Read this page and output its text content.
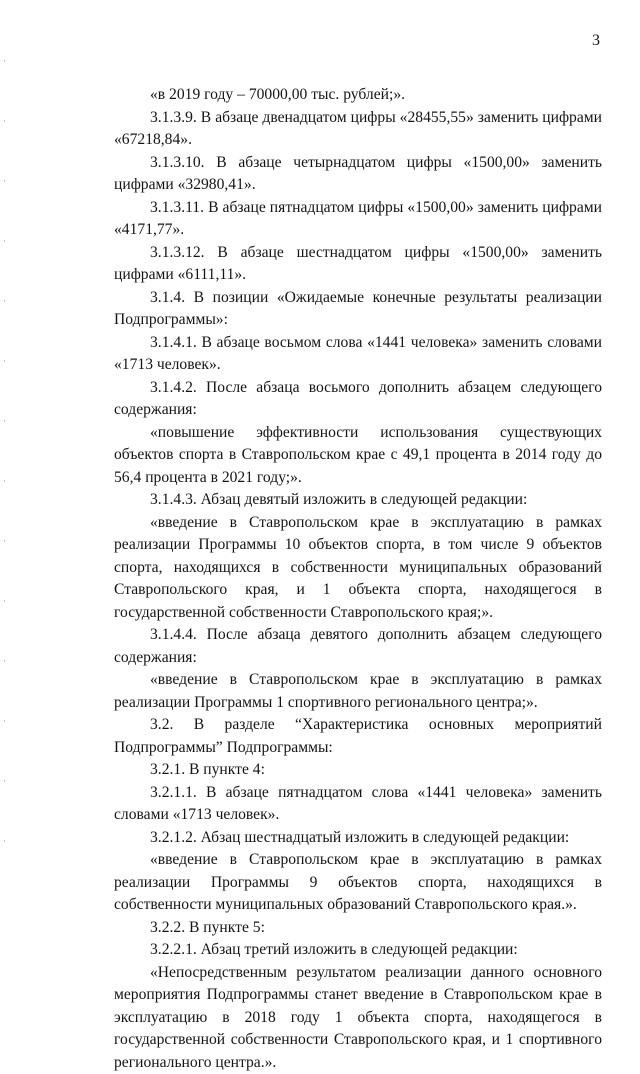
3

«в 2019 году – 70000,00 тыс. рублей;».

3.1.3.9. В абзаце двенадцатом цифры «28455,55» заменить цифрами «67218,84».

3.1.3.10. В абзаце четырнадцатом цифры «1500,00» заменить цифрами «32980,41».

3.1.3.11. В абзаце пятнадцатом цифры «1500,00» заменить цифрами «4171,77».

3.1.3.12. В абзаце шестнадцатом цифры «1500,00» заменить цифрами «6111,11».

3.1.4. В позиции «Ожидаемые конечные результаты реализации Подпрограммы»:

3.1.4.1. В абзаце восьмом слова «1441 человека» заменить словами «1713 человек».

3.1.4.2. После абзаца восьмого дополнить абзацем следующего содержания:

«повышение эффективности использования существующих объектов спорта в Ставропольском крае с 49,1 процента в 2014 году до 56,4 процента в 2021 году;».

3.1.4.3. Абзац девятый изложить в следующей редакции:

«введение в Ставропольском крае в эксплуатацию в рамках реализации Программы 10 объектов спорта, в том числе 9 объектов спорта, находящихся в собственности муниципальных образований Ставропольского края, и 1 объекта спорта, находящегося в государственной собственности Ставропольского края;».

3.1.4.4. После абзаца девятого дополнить абзацем следующего содержания:

«введение в Ставропольском крае в эксплуатацию в рамках реализации Программы 1 спортивного регионального центра;».

3.2. В разделе “Характеристика основных мероприятий Подпрограммы” Подпрограммы:

3.2.1. В пункте 4:

3.2.1.1. В абзаце пятнадцатом слова «1441 человека» заменить словами «1713 человек».

3.2.1.2. Абзац шестнадцатый изложить в следующей редакции:

«введение в Ставропольском крае в эксплуатацию в рамках реализации Программы 9 объектов спорта, находящихся в собственности муниципальных образований Ставропольского края.».

3.2.2. В пункте 5:

3.2.2.1. Абзац третий изложить в следующей редакции:

«Непосредственным результатом реализации данного основного мероприятия Подпрограммы станет введение в Ставропольском крае в эксплуатацию в 2018 году 1 объекта спорта, находящегося в государственной собственности Ставропольского края, и 1 спортивного регионального центра.».
